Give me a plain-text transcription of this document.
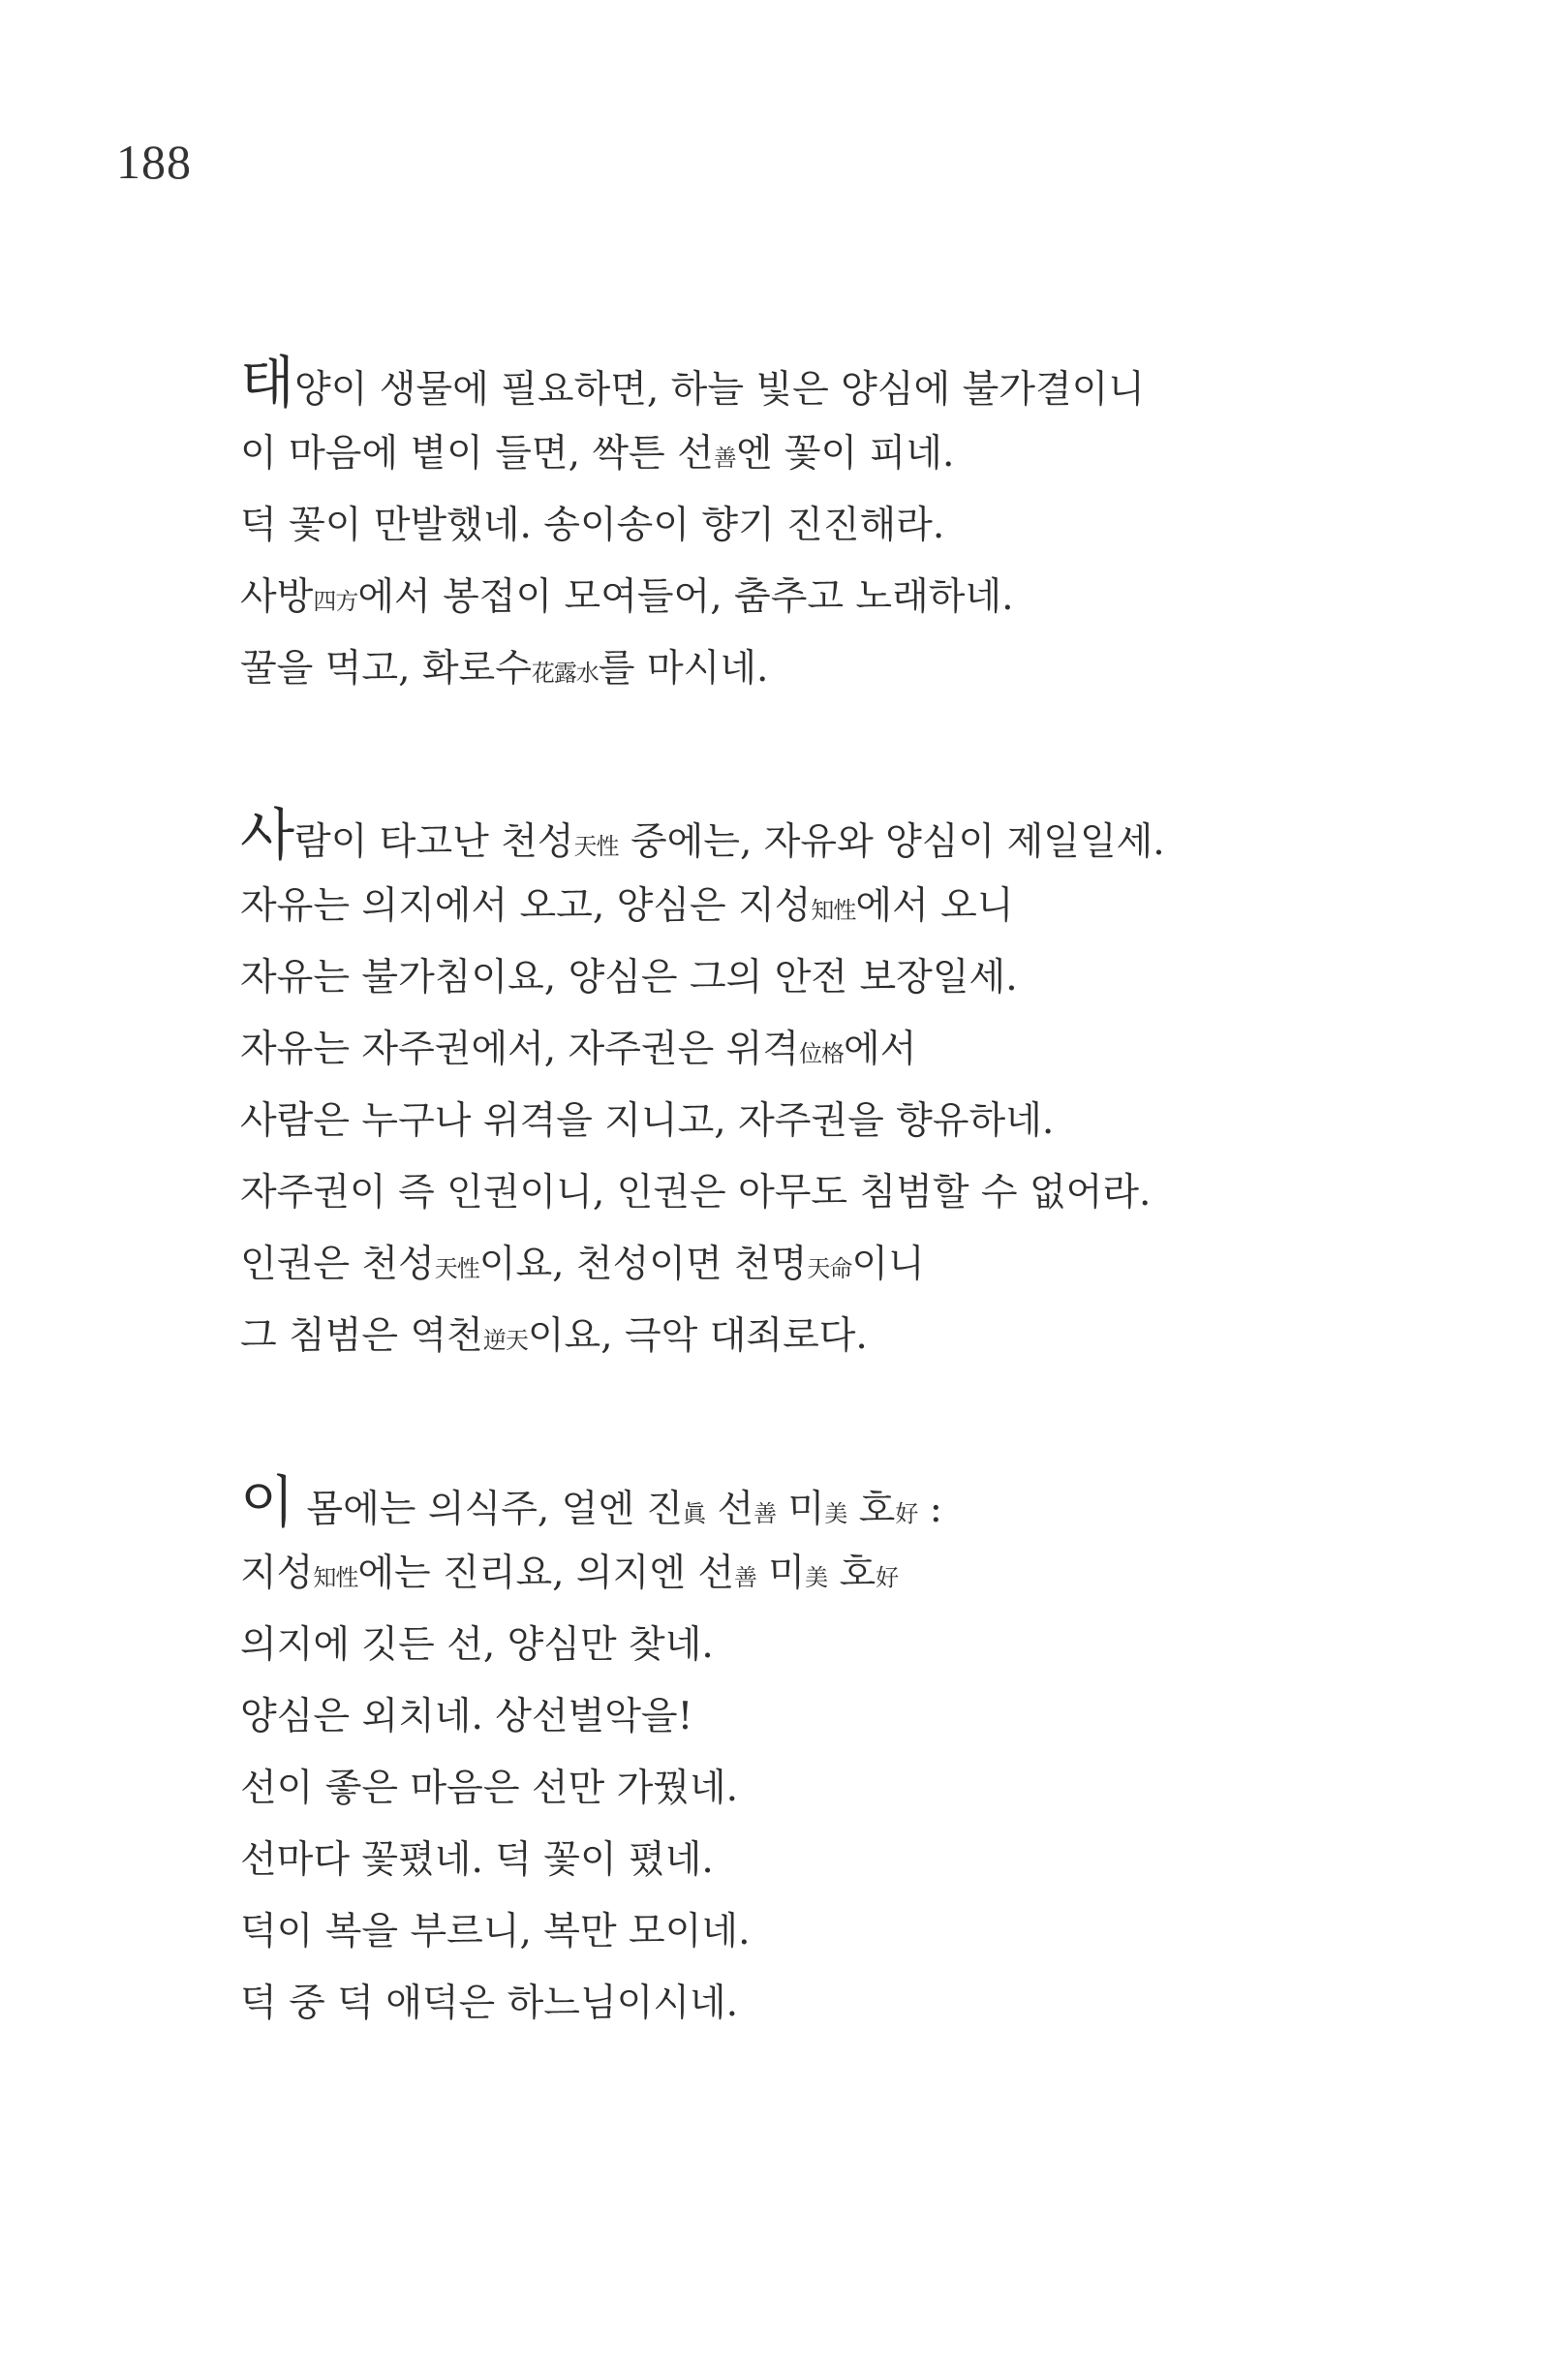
188
태양이 생물에 필요하면, 하늘 빛은 양심에 불가결이니
이 마음에 볕이 들면, 싹튼 선善엔 꽃이 피네.
덕 꽃이 만발했네. 송이송이 향기 진진해라.
사방四方에서 봉접이 모여들어, 춤추고 노래하네.
꿀을 먹고, 화로수花露水를 마시네.
사람이 타고난 천성天性 중에는, 자유와 양심이 제일일세.
자유는 의지에서 오고, 양심은 지성知性에서 오니
자유는 불가침이요, 양심은 그의 안전 보장일세.
자유는 자주권에서, 자주권은 위격位格에서
사람은 누구나 위격을 지니고, 자주권을 향유하네.
자주권이 즉 인권이니, 인권은 아무도 침범할 수 없어라.
인권은 천성天性이요, 천성이면 천명天命이니
그 침범은 역천逆天이요, 극악 대죄로다.
이 몸에는 의식주, 얼엔 진眞 선善 미美 호好 :
지성知性에는 진리요, 의지엔 선善 미美 호好
의지에 깃든 선, 양심만 찾네.
양심은 외치네. 상선벌악을!
선이 좋은 마음은 선만 가꿨네.
선마다 꽃폈네. 덕 꽃이 폈네.
덕이 복을 부르니, 복만 모이네.
덕 중 덕 애덕은 하느님이시네.
